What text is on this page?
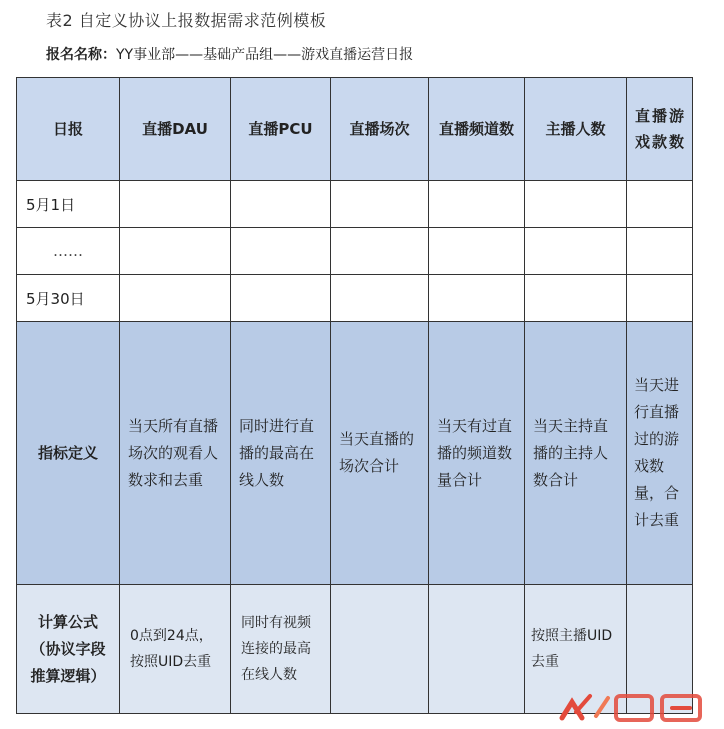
表2 自定义协议上报数据需求范例模板
报名名称：YY事业部——基础产品组——游戏直播运营日报
日报	直播DAU	直播PCU	直播场次	直播频道数	主播人数	直播游戏款数
5月1日						
……						
5月30日						
指标定义	当天所有直播场次的观看人数求和去重	同时进行直播的最高在线人数	当天直播的场次合计	当天有过直播的频道数量合计	当天主持直播的主持人数合计	当天进行直播过的游戏数量，合计去重
计算公式（协议字段推算逻辑）	0点到24点，按照UID去重	同时有视频连接的最高在线人数			按照主播UID去重	
